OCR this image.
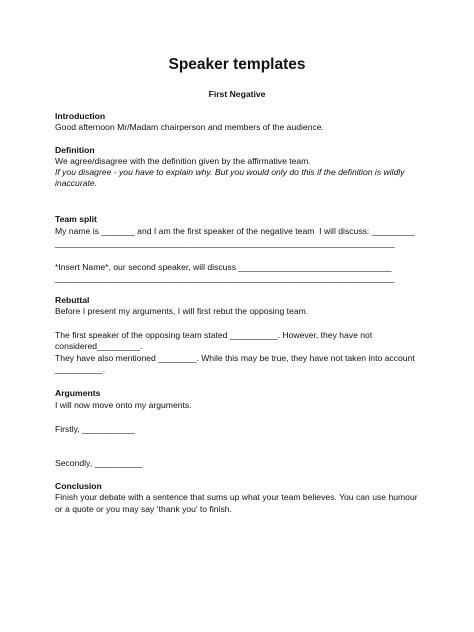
Speaker templates
First Negative
Introduction
Good afternoon Mr/Madam chairperson and members of the audience.
Definition
We agree/disagree with the definition given by the affirmative team.
If you disagree - you have to explain why. But you would only do this if the definition is wildly
inaccurate.
Team split
My name is _______ and I am the first speaker of the negative team  I will discuss: _________
_______________________________________________________________________
*Insert Name*, our second speaker, will discuss ________________________________
_______________________________________________________________________
Rebuttal
Before I present my arguments, I will first rebut the opposing team.
The first speaker of the opposing team stated __________. However, they have not
considered_________.
They have also mentioned ________. While this may be true, they have not taken into account
__________.
Arguments
I will now move onto my arguments.
Firstly, ___________
Secondly, __________
Conclusion
Finish your debate with a sentence that sums up what your team believes. You can use humour
or a quote or you may say ‘thank you’ to finish.
